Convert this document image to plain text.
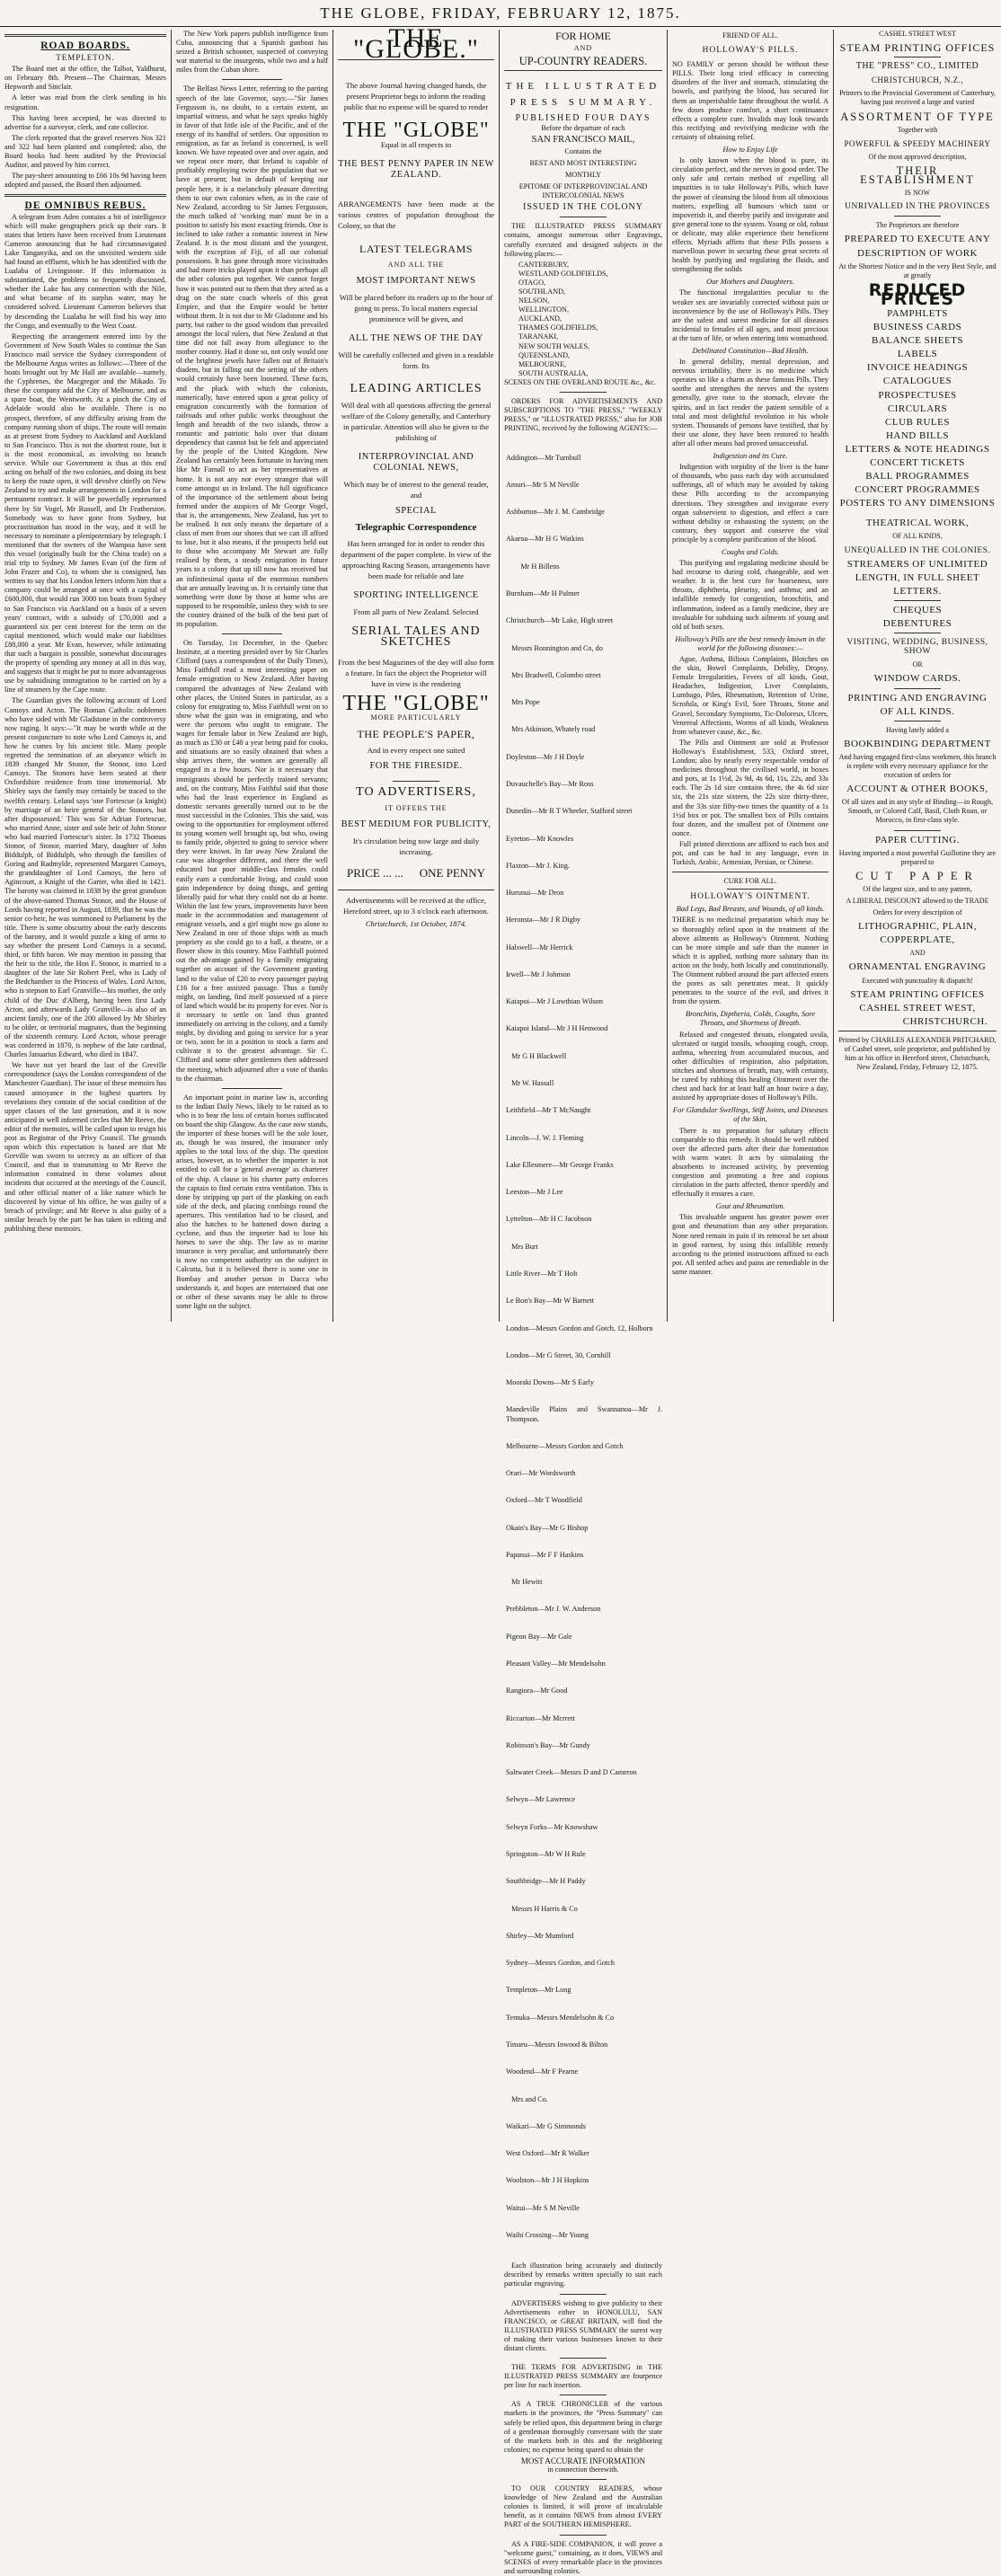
THE GLOBE, FRIDAY, FEBRUARY 12, 1875.
ROAD BOARDS.
TEMPLETON.

The Board met at the office, the Talbot, Yaldhurst, on February 8th. Present—The Chairman, Messrs Hepworth and Sinclair.

A letter was read from the clerk sending in his resignation.

This having been accepted, he was directed to advertise for a surveyor, clerk, and rate collector.

The clerk reported that the gravel reserves Nos 321 and 322 had been planted and completed; also, the Board books had been audited by the Provincial Auditor, and proved by him correct.

The pay-sheet amounting to £66 10s 9d having been adopted and passed, the Board then adjourned.

DE OMNIBUS REBUS.

A telegram from Aden contains a bit of intelligence which will make geographers prick up their ears. It states that letters have been received from Lieutenant Cameron announcing that he had circumnavigated Lake Tanganyika, and on the unvisited western side had found an effluent, which he has identified with the Lualaba of Livingstone. If this information is substantiated, the problems so frequently discussed, whether the Lake has any connection with the Nile, and what became of its surplus water, may be considered solved. Lieutenant Cameron believes that by descending the Lualaba he will find his way into the Congo, and eventually to the West Coast.

Respecting the arrangement entered into by the Government of New South Wales to continue the San Francisco mail service the Sydney correspondent of the Melbourne Argus writes as follows:—Three of the boats brought out by Mr Hall are available—namely, the Cyphrenes, the Macgregor and the Mikado. To these the company add the City of Melbourne, and as a spare boat, the Wentworth. At a pinch the City of Adelaide would also be available. There is no prospect, therefore, of any difficulty arising from the company running short of ships. The route will remain as at present from Sydney to Auckland and Auckland to San Francisco. This is not the shortest route, but it is the most economical, as involving no branch service. While our Government is thus at this end acting on behalf of the two colonies, and doing its best to keep the route open, it will devolve chiefly on New Zealand to try and make arrangements in London for a permanent contract. It will be powerfully represented there by Sir Vogel, Mr Russell, and Dr Featherston. Somebody was to have gone from Sydney, but procrastination has stood in the way, and it will be necessary to nominate a plenipotentiary by telegraph. I mentioned that the owners of the Wampoa have sent this vessel (originally built for the China trade) on a trial trip to Sydney. Mr James Evan (of the firm of John Frazer and Co), to whom she is consigned, has written to say that his London letters inform him that a company could be arranged at once with a capital of £600,000, that would run 3000 ton boats from Sydney to San Francisco via Auckland on a basis of a seven years' contract, with a subsidy of £70,000 and a guaranteed six per cent interest for the term on the capital mentioned, which would make our liabilities £88,000 a year. Mr Evan, however, while intimating that such a bargain is possible, somewhat discourages the property of spending any money at all in this way, and suggests that it might be put to more advantageous use by subsidising immigration to be carried on by a line of steamers by the Cape route.

The Guardian gives the following account of Lord Camoys and Acton. The Roman Catholic noblemen who have sided with Mr Gladstone in the controversy now raging. It says:—"It may be worth while at the present conjuncture to note who Lord Camoys is, and how he comes by his ancient title. Many people regretted the termination of an abeyance which in 1839 changed Mr Stonor, the Stonor, into Lord Camoys. The Stonors have been seated at their Oxfordshire residence from time immemorial. Mr Shirley says the family may certainly be traced to the twelfth century. Leland says 'one Fortescue (a knight) by marriage of an heire general of the Stonors, but after dispossessed.' This was Sir Adrian Fortescue, who married Anne, sister and sole heir of John Stonor who had married Fortescue's sister. In 1732 Thomas Stonor, of Stonor, married Mary, daughter of John Biddulph, of Biddulph, who through the families of Goring and Radmylde, represented Margaret Camoys, the granddaughter of Lord Camoys, the hero of Agincourt, a Knight of the Garter, who died in 1421. The barony was claimed in 1838 by the great grandson of the above-named Thomas Stonor, and the House of Lords having reported in August, 1839, that he was the senior co-heir, he was summoned to Parliament by the title. There is some obscurity about the early descents of the barony, and it would puzzle a king of arms to say whether the present Lord Camoys is a second, third, or fifth baron. We may mention in passing that the heir to the title, the Hon F. Stonor, is married to a daughter of the late Sir Robert Peel, who is Lady of the Bedchamber to the Princess of Wales. Lord Acton, who is stepson to Earl Granville—his mother, the only child of the Duc d'Alberg, having been first Lady Acton, and afterwards Lady Granville—is also of an ancient family, one of the 200 allowed by Mr Shirley to be older, or territorial magnates, than the beginning of the sixteenth century. Lord Acton, whose peerage was conferred in 1870, is nephew of the late cardinal, Charles Januarius Edward, who died in 1847.

We have not yet heard the last of the Greville correspondence (says the London correspondent of the Manchester Guardian). The issue of these memoirs has caused annoyance in the highest quarters by revelations they contain of the social condition of the upper classes of the last generation, and it is now anticipated in well informed circles that Mr Reeve, the editor of the memoirs, will be called upon to resign his post as Registrar of the Privy Council. The grounds upon which this expectation is based are that Mr Greville was sworn to secrecy as an officer of that Council, and that in transmitting to Mr Reeve the information contained in these volumes about incidents that occurred at the meetings of the Council, and other official matter of a like nature which he discovered by virtue of his office, he was guilty of a breach of privilege; and Mr Reeve is also guilty of a similar breach by the part he has taken in editing and publishing these memoirs.

The New York papers publish intelligence from Cuba, announcing that a Spanish gunboat has seized a British schooner, suspected of conveying war material to the insurgents, while two and a half miles from the Cuban shore.

The Belfast News Letter, referring to the parting speech of the late Governor, says:—"Sir James Fergusson is, no doubt, to a certain extent, an impartial witness, and what he says speaks highly in favor of that little isle of the Pacific, and of the energy of its handful of settlers. Our opposition to emigration, as far as Ireland is concerned, is well known. We have repeated over and over again, and we repeat once more, that Ireland is capable of profitably employing twice the population that we have at present; but in default of keeping our people here, it is a melancholy pleasure directing them to our own colonies when, as in the case of New Zealand, according to Sir James Fergusson, the much talked of 'working man' must be in a position to satisfy his most exacting friends. One is inclined to take rather a romantic interest in New Zealand. It is the most distant and the youngest, with the exception of Fiji, of all our colonial possessions. It has gone through more vicissitudes and had more tricks played upon it than perhaps all the other colonies put together. We cannot forget how it was pointed out to them that they acted as a drag on the state coach wheels of this great Empire, and that the Empire would be better without them. It is not due to Mr Gladstone and his party, but rather to the good wisdom that prevailed amongst the local rulers, that New Zealand at that time did not fall away from allegiance to the mother country. Had it done so, not only would one of the brightest jewels have fallen out of Britain's diadem, but in falling out the setting of the others would certainly have been loosened. These facts, and the pluck with which the colonists, numerically, have entered upon a great policy of emigration concurrently with the formation of railroads and other public works throughout the length and breadth of the two islands, throw a romantic and patriotic halo over that distant dependency that cannot but be felt and appreciated by the people of the United Kingdom. New Zealand has certainly been fortunate in having men like Mr Farnall to act as her representatives at home. It is not any nor every stranger that will come amongst us in Ireland. The full significance of the importance of the settlement about being formed under the auspices of Mr George Vogel, that is, the arrangements, New Zealand, has yet to be realised. It not only means the departure of a class of men from our shores that we can ill afford to lose, but it also means, if the prospects held out to those who accompany Mr Stewart are fully realised by them, a steady emigration in future years to a colony that up till now has received but an infinitesimal quota of the enormous numbers that are annually leaving us. It is certainly time that something were done by those at home who are supposed to be responsible, unless they wish to see the country drained of the bulk of the best part of its population.

On Tuesday, 1st December, in the Quebec Institute, at a meeting presided over by Sir Charles Clifford (says a correspondent of the Daily Times), Miss Faithfull read a most interesting paper on female emigration to New Zealand. After having compared the advantages of New Zealand with other places, the United States in particular, as a colony for emigrating to, Miss Faithfull went on to show what the gain was in emigrating, and who were the persons who ought to emigrate. The wages for female labor in New Zealand are high, as much as £30 or £40 a year being paid for cooks, and situations are so easily obtained that when a ship arrives there, the women are generally all engaged in a few hours. Nor is it necessary that immigrants should be perfectly trained servants; and, on the contrary, Miss Faithful said that those who had the least experience in England as domestic servants generally turned out to be the most successful in the Colonies. This she said, was owing to the opportunities for employment offered to young women well brought up, but who, owing to family pride, objected to going to service where they were known. In far away New Zealand the case was altogether different, and there the well educated but poor middle-class females could easily earn a comfortable living, and could soon gain independence by doing things, and getting liberally paid for what they could not do at home. Within the last few years, improvements have been made in the accommodation and management of emigrant vessels, and a girl might now go alone to New Zealand in one of those ships with as much propriety as she could go to a ball, a theatre, or a flower show in this country. Miss Faithfull pointed out the advantage gained by a family emigrating together on account of the Government granting land to the value of £20 to every passenger paying £16 for a free assisted passage. Thus a family might, on landing, find itself possessed of a piece of land which would be its property for ever. Nor is it necessary to settle on land thus granted immediately on arriving in the colony, and a family might, by dividing and going to service for a year or two, soon be in a position to stock a farm and cultivate it to the greatest advantage. Sir C. Clifford and some other gentlemen then addressed the meeting, which adjourned after a vote of thanks to the chairman.

An important point in marine law is, according to the Indian Daily News, likely to be raised as to who is to bear the loss of certain horses suffocated on board the ship Glasgow. As the case now stands, the importer of these horses will be the sole loser, as, though he was insured, the insurance only applies to the total loss of the ship. The question arises, however, as to whether the importer is not entitled to call for a 'general average' as charterer of the ship. A clause in his charter party enforces the captain to find certain extra ventilation. This is done by stripping up part of the planking on each side of the deck, and placing combings round the apertures. This ventilation had to be closed, and also the hatches to be battened down during a cyclone, and thus the importer had to lose his horses to save the ship. The law as to marine insurance is very peculiar, and unfortunately there is now no competent authority on the subject in Calcutta, but it is believed there is some one in Bombay and another person in Dacca who understands it, and hopes are entertained that one or other of these savants may be able to throw some light on the subject.

THE "GLOBE."

The above Journal having changed hands, the present Proprietor begs to inform the reading public that no expense will be spared to render

THE "GLOBE"

Equal in all respects to

THE BEST PENNY PAPER IN NEW ZEALAND.

ARRANGEMENTS have been made at the various centres of population throughout the Colony, so that the

LATEST TELEGRAMS
AND ALL THE
MOST IMPORTANT NEWS

Will be placed before its readers up to the hour of going to press. To local matters especial prominence will be given, and

ALL THE NEWS OF THE DAY

Will be carefully collected and given in a readable form. Its

LEADING ARTICLES

Will deal with all questions affecting the general welfare of the Colony generally, and Canterbury in particular. Attention will also be given to the publishing of

INTERPROVINCIAL AND COLONIAL NEWS,

Which may be of interest to the general reader, and

SPECIAL
Telegraphic Correspondence

Has been arranged for in order to render this department of the paper complete. In view of the approaching Racing Season, arrangements have been made for reliable and late

SPORTING INTELLIGENCE

From all parts of New Zealand. Selected

SERIAL TALES AND SKETCHES

From the best Magazines of the day will also form a feature. In fact the object the Proprietor will have in view is the rendering

THE "GLOBE"
MORE PARTICULARLY
THE PEOPLE'S PAPER,

And in every respect one suited

FOR THE FIRESIDE.
TO ADVERTISERS,
IT OFFERS THE
BEST MEDIUM FOR PUBLICITY,

It's circulation being now large and daily increasing.

PRICE ... ... ONE PENNY

Advertisements will be received at the office, Hereford street, up to 3 o'clock each afternoon.

Christchurch, 1st October, 1874.

FOR HOME
AND
UP-COUNTRY READERS.
THE ILLUSTRATED
PRESS SUMMARY.
PUBLISHED FOUR DAYS
Before the departure of each
SAN FRANCISCO MAIL,
Contains the
BEST AND MOST INTERESTING
MONTHLY
EPITOME OF INTERPROVINCIAL AND INTERCOLONIAL NEWS
ISSUED IN THE COLONY

THE ILLUSTRATED PRESS SUMMARY contains, amongst numerous other Engravings, carefully executed and designed subjects in the following places:—

CANTERBURY,
WESTLAND GOLDFIELDS,
OTAGO,
SOUTHLAND,
NELSON,
WELLINGTON,
AUCKLAND,
THAMES GOLDFIELDS,
TARANAKI,
NEW SOUTH WALES,
QUEENSLAND,
MELBOURNE,
SOUTH AUSTRALIA,
SCENES ON THE OVERLAND ROUTE &c., &c.

ORDERS FOR ADVERTISEMENTS AND SUBSCRIPTIONS TO "THE PRESS," "WEEKLY PRESS," or "ILLUSTRATED PRESS," also for JOB PRINTING, received by the following AGENTS:—

Addington—Mr Turnbull

Amuri—Mr S M Neville

Ashburton—Mr J. M. Cambridge

Akaroa—Mr H G Watkins

Mr H Billens

Burnham—Mr H Palmer

Christchurch—Mr Lake, High street

Messrs Bonnington and Co, do

Mrs Bradwell, Colombo street

Mrs Pope

Mrs Atkinson, Whately road

Doyleston—Mr J H Doyle

Duvauchelle's Bay—Mr Ross

Dunedin—Mr R T Wheeler, Stafford street

Eyreton—Mr Knowles

Flaxton—Mr J. King.

Hurunui—Mr Dron

Heronsta—Mr J R Digby

Halswell—Mr Herrick

Irwell—Mr J Johnson

Kaiapoi—Mr J Lowthian Wilson

Kaiapoi Island—Mr J H Henwood

Mr G H Blackwell

Mr W. Hassall

Leithfield—Mr T McNaught

Lincoln—J. W. J. Fleming

Lake Ellesmere—Mr George Franks

Leeston—Mr J Lee

Lyttelton—Mr H C Jacobson

Mrs Burt

Little River—Mr T Holt

Le Bon's Bay—Mr W Barnett

London—Messrs Gordon and Gotch, 12, Holborn

London—Mr G Street, 30, Cornhill

Mooraki Downs—Mr S Early

Mandeville Plains and Swannanoa—Mr J. Thompson.

Melbourne—Messrs Gordon and Gotch

Orari—Mr Wordsworth

Oxford—Mr T Woodfield

Okain's Bay—Mr G Bishop

Papanui—Mr F F Haskins

Mr Hewitt

Prebbleton—Mr J. W. Anderson

Pigeon Bay—Mr Gale

Pleasant Valley—Mr Mendelsohn

Rangiora—Mr Good

Riccarton—Mr Mcrrett

Robinson's Bay—Mr Gundy

Saltwater Creek—Messrs D and D Cameron

Selwyn—Mr Lawrence

Selwyn Forks—Mr Knowshaw

Springston—Mr W H Rule

Southbridge—Mr H Paddy

Messrs H Harris & Co

Shirley—Mr Mumford

Sydney—Messrs Gordon, and Gotch

Templeton—Mr Long

Temuka—Messrs Mendelsohn & Co

Timaru—Messrs Inwood & Bilton

Woodend—Mr F Pearne

Mrs and Co.

Waikari—Mr G Simmonds

West Oxford—Mr R Walker

Woolston—Mr J H Hopkins

Waitui—Mr S M Neville

Waihi Crossing—Mr Young

Each illustration being accurately and distinctly described by remarks written specially to suit each particular engraving.

ADVERTISERS wishing to give publicity to their Advertisements either in HONOLULU, SAN FRANCISCO, or GREAT BRITAIN, will find the ILLUSTRATED PRESS SUMMARY the surest way of making their various businesses known to their distant clients.

THE TERMS FOR ADVERTISING in THE ILLUSTRATED PRESS SUMMARY are fourpence per line for each insertion.

AS A TRUE CHRONICLER of the various markets in the provinces, the "Press Summary" can safely be relied upon, this department being in charge of a gentleman thoroughly conversant with the state of the markets both in this and the neighboring colonies; no expense being spared to obtain the

MOST ACCURATE INFORMATION
in connection therewith.

TO OUR COUNTRY READERS, whose knowledge of New Zealand and the Australian colonies is limited, it will prove of incalculable benefit, as it contains NEWS from almost EVERY PART of the SOUTHERN HEMISPHERE.

AS A FIRE-SIDE COMPANION, it will prove a "welcome guest," containing, as it does, VIEWS and SCENES of every remarkable place in the provinces and surrounding colonies.

FRIEND OF ALL.
HOLLOWAY'S PILLS.

NO FAMILY or person should be without these PILLS. Their long tried efficacy in correcting disorders of the liver and stomach, stimulating the bowels, and purifying the blood, has secured for them an imperishable fame throughout the world. A few doses produce comfort, a short continuance effects a complete cure. Invalids may look towards this rectifying and revivifying medicine with the certainty of obtaining relief.

How to Enjoy Life

Is only known when the blood is pure, its circulation perfect, and the nerves in good order. The only safe and certain method of expelling all impurities is to take Holloway's Pills, which have the power of cleansing the blood from all obnoxious matters, expelling all humours which taint or impoverish it, and thereby purify and invigorate and give general tone to the system. Young or old, robust or delicate, may alike experience their beneficent effects. Myriads affirm that these Pills possess a marvellous power in securing these great secrets of health by purifying and regulating the fluids, and strengthening the solids

Our Mothers and Daughters.

The functional irregularities peculiar to the weaker sex are invariably corrected without pain or inconvenience by the use of Holloway's Pills. They are the safest and surest medicine for all diseases incidental to females of all ages, and most precious at the turn of life, or when entering into womanhood.

Debilitated Constitution—Bad Health.

In general debility, mental depression, and nervous irritability, there is no medicine which operates so like a charm as these famous Pills. They soothe and strengthen the nerves and the system generally, give tone to the stomach, elevate the spirits, and in fact render the patient sensible of a total and most delightful revolution in his whole system. Thousands of persons have testified, that by their use alone, they have been restored to health after all other means had proved unsuccessful.

Indigestion and its Cure.

Indigestion with torpidity of the liver is the bane of thousands, who pass each day with accumulated sufferings, all of which may be avoided by taking these Pills according to the accompanying directions. They strengthen and invigorate every organ subservient to digestion, and effect a cure without debility or exhausting the system; on the contrary, they support and conserve the vital principle by a complete purification of the blood.

Coughs and Colds.

This purifying and regulating medicine should be had recourse to during cold, changeable, and wet weather. It is the best cure for hoarseness, sore throats, diphtheria, pleurisy, and asthma; and an infallible remedy for congestion, bronchitis, and inflammation, indeed as a family medicine, they are invaluable for subduing such ailments of young and old of both sexes.

Holloway's Pills are the best remedy known in the world for the following diseases:—

Ague, Asthma, Bilious Complaints, Blotches on the skin, Bowel Complaints, Debility, Dropsy, Female Irregularities, Fevers of all kinds, Gout, Headaches, Indigestion, Liver Complaints, Lumbago, Piles, Rheumatism, Retention of Urine, Scrofula, or King's Evil, Sore Throats, Stone and Gravel, Secondary Symptoms, Tic-Doloreux, Ulcers, Venereal Affections, Worms of all kinds, Weakness from whatever cause, &c., &c.

The Pills and Ointment are sold at Professor Holloway's Establishment, 533, Oxford street, London; also by nearly every respectable vendor of medicines throughout the civilised world, in boxes and pots, at 1s 1½d, 2s 9d, 4s 6d, 11s, 22s, and 33s each. The 2s 1d size contains three, the 4s 6d size six, the 21s size sixteen, the 22s size thirty-three, and the 33s size fifty-two times the quantity of a 1s 1½d box or pot. The smallest box of Pills contains four dozen, and the smallest pot of Ointment one ounce.

Full printed directions are affixed to each box and pot, and can be had in any language, even in Turkish, Arabic, Armenian, Persian, or Chinese.

CURE FOR ALL.
HOLLOWAY'S OINTMENT.
Bad Legs, Bad Breasts, and Wounds, of all kinds.

THERE is no medicinal preparation which may be so thoroughly relied upon in the treatment of the above ailments as Holloway's Ointment. Nothing can be more simple and safe than the manner in which it is applied, nothing more salutary than its action on the body, both locally and constitutionally. The Ointment rubbed around the part affected enters the pores as salt penetrates meat. It quickly penetrates to the source of the evil, and drives it from the system.

Bronchitis, Diptheria, Colds, Coughs, Sore Throats, and Shortness of Breath.

Relaxed and congested throats, elongated uvula, ulcerated or turgid tonsils, whooping cough, croup, asthma, wheezing from accumulated mucous, and other difficulties of respiration, also palpitation, stitches and shortness of breath, may, with certainty, be cured by rubbing this healing Ointment over the chest and back for at least half an hour twice a day, assisted by appropriate doses of Holloway's Pills.

For Glandular Swellings, Stiff Joints, and Diseases of the Skin,

There is no preparation for salutary effects comparable to this remedy. It should be well rubbed over the affected parts after their due fomentation with warm water. It acts by stimulating the absorbents to increased activity, by preventing congestion and promoting a free and copious circulation in the parts affected, thence speedily and effectually it ensures a cure.

Gout and Rheumatism.

This invaluable unguent has greater power over gout and rheumatism than any other preparation. None need remain in pain if its removal be set about in good earnest, by using this infallible remedy according to the printed instructions affixed to each pot. All settled aches and pains are remediable in the same manner.

CASHEL STREET WEST
STEAM PRINTING OFFICES
THE "PRESS" CO., LIMITED
CHRISTCHURCH, N.Z.,

Printers to the Provincial Government of Canterbury, having just received a large and varied

ASSORTMENT OF TYPE
Together with
POWERFUL & SPEEDY MACHINERY
Of the most approved description,
THEIR ESTABLISHMENT
IS NOW
UNRIVALLED IN THE PROVINCES
The Proprietors are therefore
PREPARED TO EXECUTE ANY
DESCRIPTION OF WORK

At the Shortest Notice and in the very Best Style, and at greatly

REDUCED PRICES
PAMPHLETS
BUSINESS CARDS
BALANCE SHEETS
LABELS
INVOICE HEADINGS
CATALOGUES
PROSPECTUSES
CIRCULARS
CLUB RULES
HAND BILLS
LETTERS & NOTE HEADINGS
CONCERT TICKETS
BALL PROGRAMMES
CONCERT PROGRAMMES
POSTERS TO ANY DIMENSIONS
THEATRICAL WORK,
OF ALL KINDS,
UNEQUALLED IN THE COLONIES.
STREAMERS OF UNLIMITED
LENGTH, IN FULL SHEET
LETTERS.
CHEQUES
DEBENTURES
VISITING, WEDDING, BUSINESS, SHOW
OR
WINDOW CARDS.
PRINTING AND ENGRAVING
OF ALL KINDS.
Having lately added a
BOOKBINDING DEPARTMENT

And having engaged first-class workmen, this branch is replete with every necessary appliance for the execution of orders for

ACCOUNT & OTHER BOOKS,

Of all sizes and in any style of Binding—in Rough, Smooth, or Colored Calf, Basil, Cloth Roan, or Morocco, in first-class style.

PAPER CUTTING.

Having imported a most powerful Guillotine they are prepared to

CUT PAPER
Of the largest size, and to any pattern,
A LIBERAL DISCOUNT allowed to the TRADE
Orders for every description of
LITHOGRAPHIC, PLAIN,
COPPERPLATE,
AND
ORNAMENTAL ENGRAVING
Executed with punctuality & dispatch!
STEAM PRINTING OFFICES
CASHEL STREET WEST,
CHRISTCHURCH.

Printed by CHARLES ALEXANDER PRITCHARD, of Cashel street, sole proprietor, and published by him at his office in Hereford street, Christchurch, New Zealand, Friday, February 12, 1875.
